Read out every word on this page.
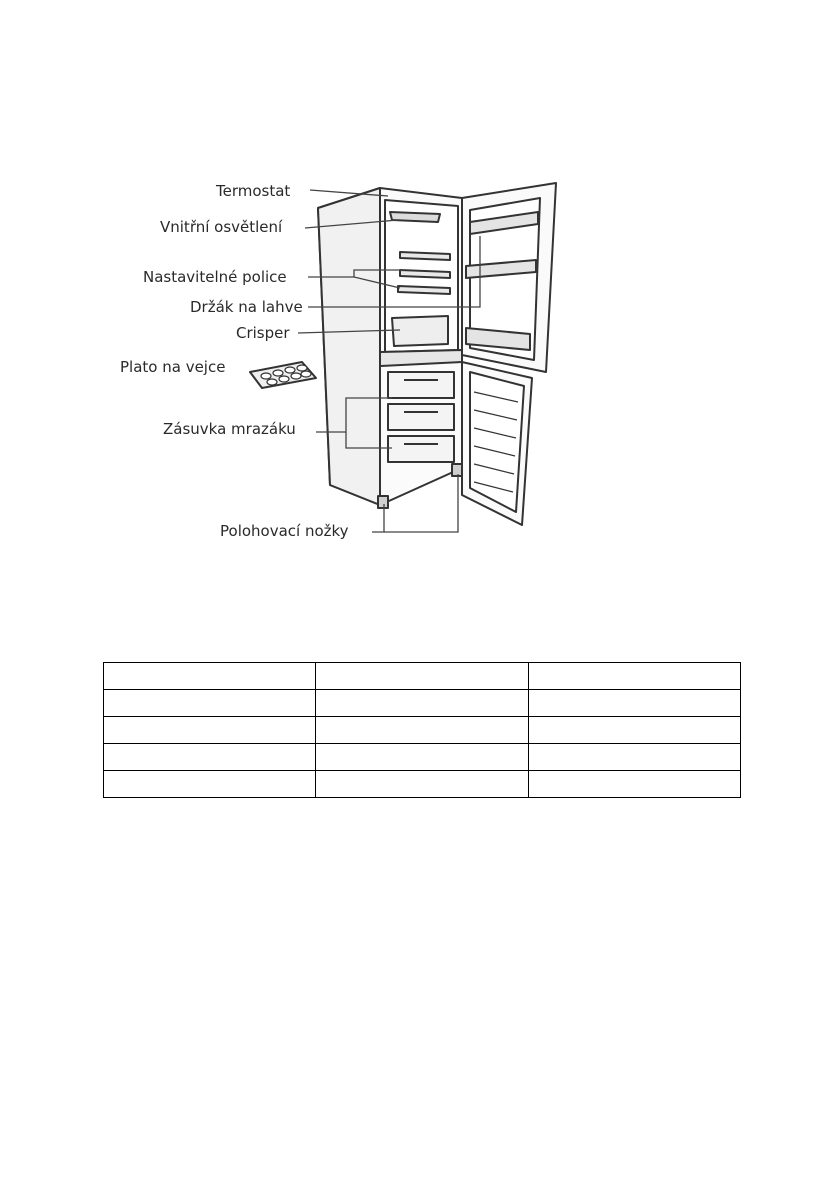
Termostat
Vnitřní osvětlení
Nastavitelné police
Držák na lahve
Crisper
Plato na vejce
Zásuvka mrazáku
Polohovací nožky
